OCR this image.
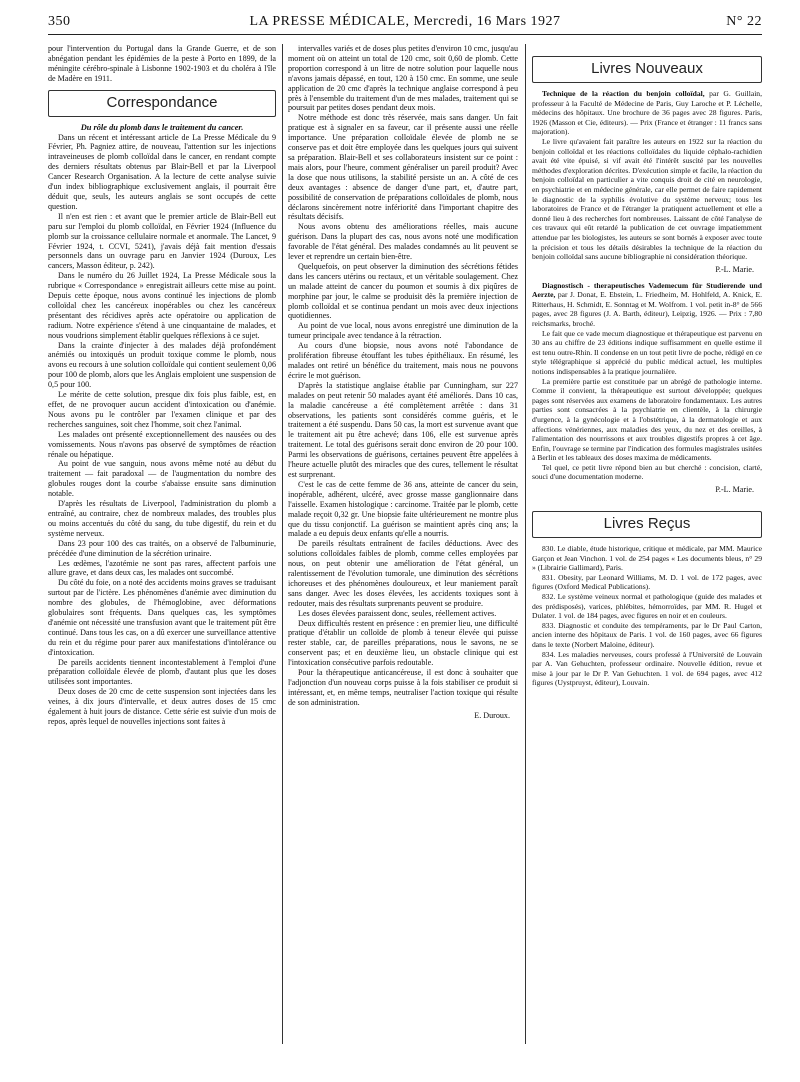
350	LA PRESSE MÉDICALE, Mercredi, 16 Mars 1927	N° 22

pour l'intervention du Portugal dans la Grande Guerre, et de son abnégation pendant les épidémies de la peste à Porto en 1899, de la méningite cérébro-spinale à Lisbonne 1902-1903 et du choléra à l'île de Madère en 1911.

Correspondance

Du rôle du plomb dans le traitement du cancer.

Dans un récent et intéressant article de La Presse Médicale du 9 Février, Ph. Pagniez attire, de nouveau, l'attention sur les injections intraveineuses de plomb colloïdal dans le cancer, en rendant compte des derniers résultats obtenus par Blair-Bell et par la Liverpool Cancer Research Organisation. A la lecture de cette analyse suivie d'un index bibliographique exclusivement anglais, il pourrait être déduit que, seuls, les auteurs anglais se sont occupés de cette question.

Il n'en est rien : et avant que le premier article de Blair-Bell eut paru sur l'emploi du plomb colloïdal, en Février 1924 (Influence du plomb sur la croissance cellulaire normale et anormale. The Lancet, 9 Février 1924, t. CCVI, 5241), j'avais déjà fait mention d'essais personnels dans un ouvrage paru en Janvier 1924 (Duroux, Les cancers, Masson éditeur, p. 242).

Dans le numéro du 26 Juillet 1924, La Presse Médicale sous la rubrique « Correspondance » enregistrait ailleurs cette mise au point. Depuis cette époque, nous avons continué les injections de plomb colloïdal chez les cancéreux inopérables ou chez les cancéreux présentant des récidives après acte opératoire ou application de radium. Notre expérience s'étend à une cinquantaine de malades, et nous voudrions simplement établir quelques réflexions à ce sujet.

Dans la crainte d'injecter à des malades déjà profondément anémiés ou intoxiqués un produit toxique comme le plomb, nous avons eu recours à une solution colloïdale qui contient seulement 0,06 pour 100 de plomb, alors que les Anglais emploient une suspension de 0,5 pour 100.

Le mérite de cette solution, presque dix fois plus faible, est, en effet, de ne provoquer aucun accident d'intoxication ou d'anémie. Nous avons pu le contrôler par l'examen clinique et par des recherches sanguines, soit chez l'homme, soit chez l'animal.

Les malades ont présenté exceptionnellement des nausées ou des vomissements. Nous n'avons pas observé de symptômes de réaction rénale ou hépatique.

Au point de vue sanguin, nous avons même noté au début du traitement — fait paradoxal — de l'augmentation du nombre des globules rouges dont la courbe s'abaisse ensuite sans diminution notable.

D'après les résultats de Liverpool, l'administration du plomb a entraîné, au contraire, chez de nombreux malades, des troubles plus ou moins accentués du côté du sang, du tube digestif, du rein et du système nerveux.

Dans 23 pour 100 des cas traités, on a observé de l'albuminurie, précédée d'une diminution de la sécrétion urinaire.

Les œdèmes, l'azotémie ne sont pas rares, affectent parfois une allure grave, et dans deux cas, les malades ont succombé.

Du côté du foie, on a noté des accidents moins graves se traduisant surtout par de l'ictère. Les phénomènes d'anémie avec diminution du nombre des globules, de l'hémoglobine, avec déformations globulaires sont fréquents. Dans quelques cas, les symptômes d'anémie ont nécessité une transfusion avant que le traitement pût être continué. Dans tous les cas, on a dû exercer une surveillance attentive du rein et du régime pour parer aux manifestations d'intolérance ou d'intoxication.

De pareils accidents tiennent incontestablement à l'emploi d'une préparation colloïdale élevée de plomb, d'autant plus que les doses utilisées sont importantes.

Deux doses de 20 cmc de cette suspension sont injectées dans les veines, à dix jours d'intervalle, et deux autres doses de 15 cmc également à huit jours de distance. Cette série est suivie d'un mois de repos, après lequel de nouvelles injections sont faites à

intervalles variés et de doses plus petites d'environ 10 cmc, jusqu'au moment où on atteint un total de 120 cmc, soit 0,60 de plomb. Cette proportion correspond à un litre de notre solution pour laquelle nous n'avons jamais dépassé, en tout, 120 à 150 cmc. En somme, une seule application de 20 cmc d'après la technique anglaise correspond à peu près à l'ensemble du traitement d'un de mes malades, traitement qui se poursuit par petites doses pendant deux mois.

Notre méthode est donc très réservée, mais sans danger. Un fait pratique est à signaler en sa faveur, car il présente aussi une réelle importance. Une préparation colloïdale élevée de plomb ne se conserve pas et doit être employée dans les quelques jours qui suivent sa préparation. Blair-Bell et ses collaborateurs insistent sur ce point : mais alors, pour l'heure, comment généraliser un pareil produit? Avec la dose que nous utilisons, la stabilité persiste un an. A côté de ces deux avantages : absence de danger d'une part, et, d'autre part, possibilité de conservation de préparations colloïdales de plomb, nous déclarons sincèrement notre infériorité dans l'important chapitre des résultats décisifs.

Nous avons obtenu des améliorations réelles, mais aucune guérison. Dans la plupart des cas, nous avons noté une modification favorable de l'état général. Des malades condamnés au lit peuvent se lever et reprendre un certain bien-être.

Quelquefois, on peut observer la diminution des sécrétions fétides dans les cancers utérins ou rectaux, et un véritable soulagement. Chez un malade atteint de cancer du poumon et soumis à dix piqûres de morphine par jour, le calme se produisit dès la première injection de plomb colloïdal et se continua pendant un mois avec deux injections quotidiennes.

Au point de vue local, nous avons enregistré une diminution de la tumeur principale avec tendance à la rétraction.

Au cours d'une biopsie, nous avons noté l'abondance de prolifération fibreuse étouffant les tubes épithéliaux. En résumé, les malades ont retiré un bénéfice du traitement, mais nous ne pouvons écrire le mot guérison.

D'après la statistique anglaise établie par Cunningham, sur 227 malades on peut retenir 50 malades ayant été améliorés. Dans 10 cas, la maladie cancéreuse a été complètement arrêtée : dans 31 observations, les patients sont considérés comme guéris, et le traitement a été suspendu. Dans 50 cas, la mort est survenue avant que le traitement ait pu être achevé; dans 106, elle est survenue après traitement. Le total des guérisons serait donc environ de 20 pour 100. Parmi les observations de guérisons, certaines peuvent être appelées à l'heure actuelle plutôt des miracles que des cures, tellement le résultat est surprenant.

C'est le cas de cette femme de 36 ans, atteinte de cancer du sein, inopérable, adhérent, ulcéré, avec grosse masse ganglionnaire dans l'aisselle. Examen histologique : carcinome. Traitée par le plomb, cette malade reçoit 0,32 gr. Une biopsie faite ultérieurement ne montre plus que du tissu conjonctif. La guérison se maintient après cinq ans; la malade a eu depuis deux enfants qu'elle a nourris.

De pareils résultats entraînent de faciles déductions. Avec des solutions colloïdales faibles de plomb, comme celles employées par nous, on peut obtenir une amélioration de l'état général, un ralentissement de l'évolution tumorale, une diminution des sécrétions ichoreuses et des phénomènes douloureux, et leur maniement paraît sans danger. Avec les doses élevées, les accidents toxiques sont à redouter, mais des résultats surprenants peuvent se produire.

Les doses élevées paraissent donc, seules, réellement actives.

Deux difficultés restent en présence : en premier lieu, une difficulté pratique d'établir un colloïde de plomb à teneur élevée qui puisse rester stable, car, de pareilles préparations, nous le savons, ne se conservent pas; et en deuxième lieu, un obstacle clinique qui est l'intoxication consécutive parfois redoutable.

Pour la thérapeutique anticancéreuse, il est donc à souhaiter que l'adjonction d'un nouveau corps puisse à la fois stabiliser ce produit si intéressant, et, en même temps, neutraliser l'action toxique qui résulte de son administration.

E. Duroux.

Livres Nouveaux

Technique de la réaction du benjoin colloïdal, par G. Guillain, professeur à la Faculté de Médecine de Paris, Guy Laroche et P. Léchelle, médecins des hôpitaux. Une brochure de 36 pages avec 28 figures. Paris, 1926 (Masson et Cie, éditeurs). — Prix (France et étranger : 11 francs sans majoration).

Le livre qu'avaient fait paraître les auteurs en 1922 sur la réaction du benjoin colloïdal et les réactions colloïdales du liquide céphalo-rachidien avait été vite épuisé, si vif avait été l'intérêt suscité par les nouvelles méthodes d'exploration décrites. D'exécution simple et facile, la réaction du benjoin colloïdal en particulier a vite conquis droit de cité en neurologie, en psychiatrie et en médecine générale, car elle permet de faire rapidement le diagnostic de la syphilis évolutive du système nerveux; tous les laboratoires de France et de l'étranger la pratiquent actuellement et elle a donné lieu à des recherches fort nombreuses. Laissant de côté l'analyse de ces travaux qui eût retardé la publication de cet ouvrage impatiemment attendue par les biologistes, les auteurs se sont bornés à exposer avec toute la précision et tous les détails désirables la technique de la réaction du benjoin colloïdal sans aucune bibliographie ni considération théorique.

P.-L. Marie.

Diagnostisch - therapeutisches Vademecum für Studierende und Aerzte, par J. Donat, E. Ebstein, L. Friedheim, M. Hohlfeld, A. Knick, E. Ritterhaus, H. Schmidt, E. Sonntag et M. Wolfrom. 1 vol. petit in-8° de 566 pages, avec 28 figures (J. A. Barth, éditeur), Leipzig, 1926. — Prix : 7,80 reichsmarks, broché.

Le fait que ce vade mecum diagnostique et thérapeutique est parvenu en 30 ans au chiffre de 23 éditions indique suffisamment en quelle estime il est tenu outre-Rhin. Il condense en un tout petit livre de poche, rédigé en ce style télégraphique si apprécié du public médical actuel, les multiples notions indispensables à la pratique journalière.

La première partie est constituée par un abrégé de pathologie interne. Comme il convient, la thérapeutique est surtout développée; quelques pages sont réservées aux examens de laboratoire fondamentaux. Les autres parties sont consacrées à la psychiatrie en clientèle, à la chirurgie d'urgence, à la gynécologie et à l'obstétrique, à la dermatologie et aux affections vénériennes, aux maladies des yeux, du nez et des oreilles, à l'alimentation des nourrissons et aux troubles digestifs propres à cet âge. Enfin, l'ouvrage se termine par l'indication des formules magistrales usitées à Berlin et les tableaux des doses maxima de médicaments.

Tel quel, ce petit livre répond bien au but cherché : concision, clarté, souci d'une documentation moderne.

P.-L. Marie.

Livres Reçus

830. Le diable, étude historique, critique et médicale, par MM. Maurice Garçon et Jean Vinchon. 1 vol. de 254 pages « Les documents bleus, n° 29 » (Librairie Gallimard), Paris.

831. Obesity, par Leonard Williams, M. D. 1 vol. de 172 pages, avec figures (Oxford Medical Publications).

832. Le système veineux normal et pathologique (guide des malades et des prédisposés), varices, phlébites, hémorroïdes, par MM. R. Hugel et Dulater. 1 vol. de 184 pages, avec figures en noir et en couleurs.

833. Diagnostic et conduite des tempéraments, par le Dr Paul Carton, ancien interne des hôpitaux de Paris. 1 vol. de 160 pages, avec 66 figures dans le texte (Norbert Maloine, éditeur).

834. Les maladies nerveuses, cours professé à l'Université de Louvain par A. Van Gehuchten, professeur ordinaire. Nouvelle édition, revue et mise à jour par le Dr P. Van Gehuchten. 1 vol. de 694 pages, avec 412 figures (Uystpruyst, éditeur), Louvain.
